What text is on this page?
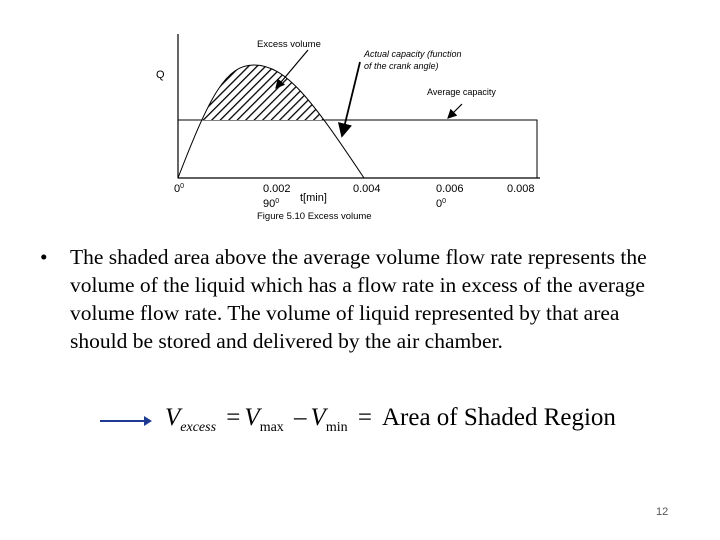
Excess volume
Actual capacity (function
of the crank angle)
Average capacity
Q
$0^0$	0.002
$90^0$ t[min]
0.004	0.006
$0^0$
0.008
Figure 5.10 Excess volume
•	The shaded area above the average volume flow rate represents the volume of the liquid which has a flow rate in excess of the average volume flow rate. The volume of liquid represented by that area should be stored and delivered by the air chamber.
$V_{excess} = V_{max} - V_{min}$ = Area of Shaded Region
12
